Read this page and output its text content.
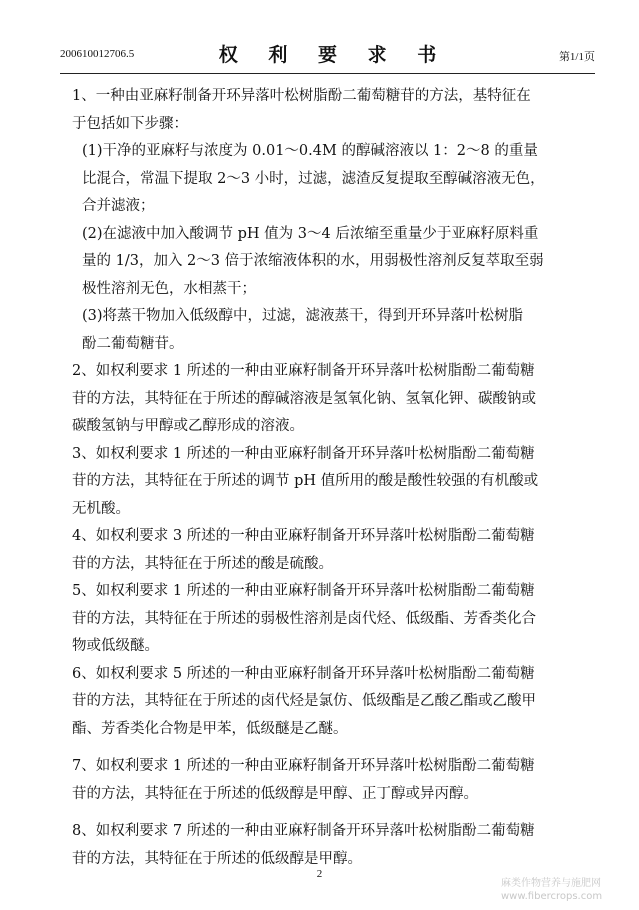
200610012706.5	权 利 要 求 书	第1/1页

1、一种由亚麻籽制备开环异落叶松树脂酚二葡萄糖苷的方法，基特征在
于包括如下步骤：

(1)干净的亚麻籽与浓度为 0.01～0.4M 的醇碱溶液以 1：2～8 的重量
比混合，常温下提取 2～3 小时，过滤，滤渣反复提取至醇碱溶液无色，
合并滤液；

(2)在滤液中加入酸调节 pH 值为 3～4 后浓缩至重量少于亚麻籽原料重
量的 1/3，加入 2～3 倍于浓缩液体积的水，用弱极性溶剂反复萃取至弱
极性溶剂无色，水相蒸干；

(3)将蒸干物加入低级醇中，过滤，滤液蒸干，得到开环异落叶松树脂
酚二葡萄糖苷。

2、如权利要求 1 所述的一种由亚麻籽制备开环异落叶松树脂酚二葡萄糖
苷的方法，其特征在于所述的醇碱溶液是氢氧化钠、氢氧化钾、碳酸钠或
碳酸氢钠与甲醇或乙醇形成的溶液。

3、如权利要求 1 所述的一种由亚麻籽制备开环异落叶松树脂酚二葡萄糖
苷的方法，其特征在于所述的调节 pH 值所用的酸是酸性较强的有机酸或
无机酸。

4、如权利要求 3 所述的一种由亚麻籽制备开环异落叶松树脂酚二葡萄糖
苷的方法，其特征在于所述的酸是硫酸。

5、如权利要求 1 所述的一种由亚麻籽制备开环异落叶松树脂酚二葡萄糖
苷的方法，其特征在于所述的弱极性溶剂是卤代烃、低级酯、芳香类化合
物或低级醚。

6、如权利要求 5 所述的一种由亚麻籽制备开环异落叶松树脂酚二葡萄糖
苷的方法，其特征在于所述的卤代烃是氯仿、低级酯是乙酸乙酯或乙酸甲
酯、芳香类化合物是甲苯，低级醚是乙醚。

7、如权利要求 1 所述的一种由亚麻籽制备开环异落叶松树脂酚二葡萄糖
苷的方法，其特征在于所述的低级醇是甲醇、正丁醇或异丙醇。

8、如权利要求 7 所述的一种由亚麻籽制备开环异落叶松树脂酚二葡萄糖
苷的方法，其特征在于所述的低级醇是甲醇。

2
麻类作物营养与施肥网
www.fibercrops.com
